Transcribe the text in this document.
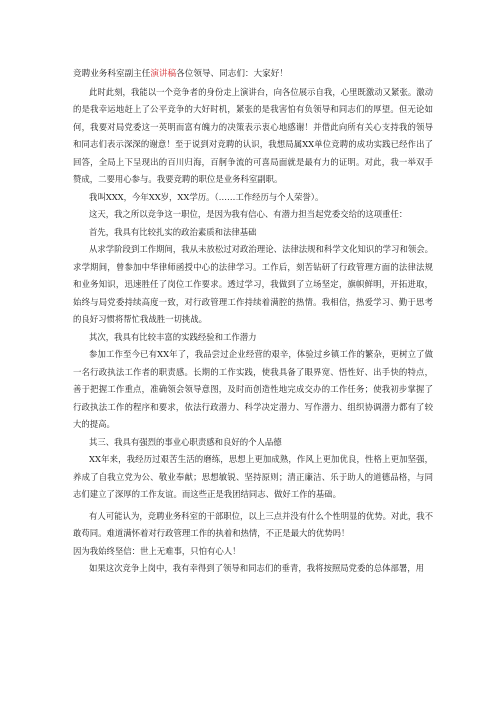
竞聘业务科室副主任演讲稿各位领导、同志们：大家好！

此时此刻，我能以一个竞争者的身份走上演讲台，向各位展示自我，心里既激动又紧张。激动的是我幸运地赶上了公平竞争的大好时机，紧张的是我害怕有负领导和同志们的厚望。但无论如何，我要对局党委这一英明而富有魄力的决策表示衷心地感谢！并借此向所有关心支持我的领导和同志们表示深深的谢意！至于说到对竞聘的认识，我想局属XX单位竞聘的成功实践已经作出了回答，全局上下呈现出的百川归海，百舸争流的可喜局面就是最有力的证明。对此，我一举双手赞成，二要用心参与。我要竞聘的职位是业务科室副职。

我叫XXX，今年XX岁，XX学历。（……工作经历与个人荣誉）。

这天，我之所以竞争这一职位，是因为我有信心、有潜力担当起党委交给的这项重任：

首先，我具有比较扎实的政治素质和法律基础

从求学阶段到工作期间，我从未放松过对政治理论、法律法规和科学文化知识的学习和领会。求学期间，曾参加中华律师函授中心的法律学习。工作后，刻苦钻研了行政管理方面的法律法规和业务知识，迅速胜任了岗位工作要求。透过学习，我做到了立场坚定，旗帜鲜明，开拓进取，始终与局党委持续高度一致，对行政管理工作持续着满腔的热情。我相信，热爱学习、勤于思考的良好习惯将帮忙我战胜一切挑战。

其次，我具有比较丰富的实践经验和工作潜力

参加工作至今已有XX年了，我品尝过企业经营的艰辛，体验过乡镇工作的繁杂，更树立了做一名行政执法工作者的职责感。长期的工作实践，使我具备了眼界宽、悟性好、出手快的特点，善于把握工作重点，准确领会领导意图，及时而创造性地完成交办的工作任务；使我初步掌握了行政执法工作的程序和要求，依法行政潜力、科学决定潜力、写作潜力、组织协调潜力都有了较大的提高。

其三、我具有强烈的事业心职责感和良好的个人品德

XX年来，我经历过艰苦生活的磨练，思想上更加成熟，作风上更加优良，性格上更加坚强，养成了自我立党为公、敬业奉献；思想敏锐、坚持原则；清正廉洁、乐于助人的道德品格，与同志们建立了深厚的工作友谊。而这些正是我团结同志、做好工作的基础。

有人可能认为，竞聘业务科室的干部职位，以上三点并没有什么个性明显的优势。对此，我不敢苟同。难道满怀着对行政管理工作的执着和热情，不正是最大的优势吗！

因为我始终坚信：世上无难事，只怕有心人！

如果这次竞争上岗中，我有幸得到了领导和同志们的垂青，我将按照局党委的总体部署，用
